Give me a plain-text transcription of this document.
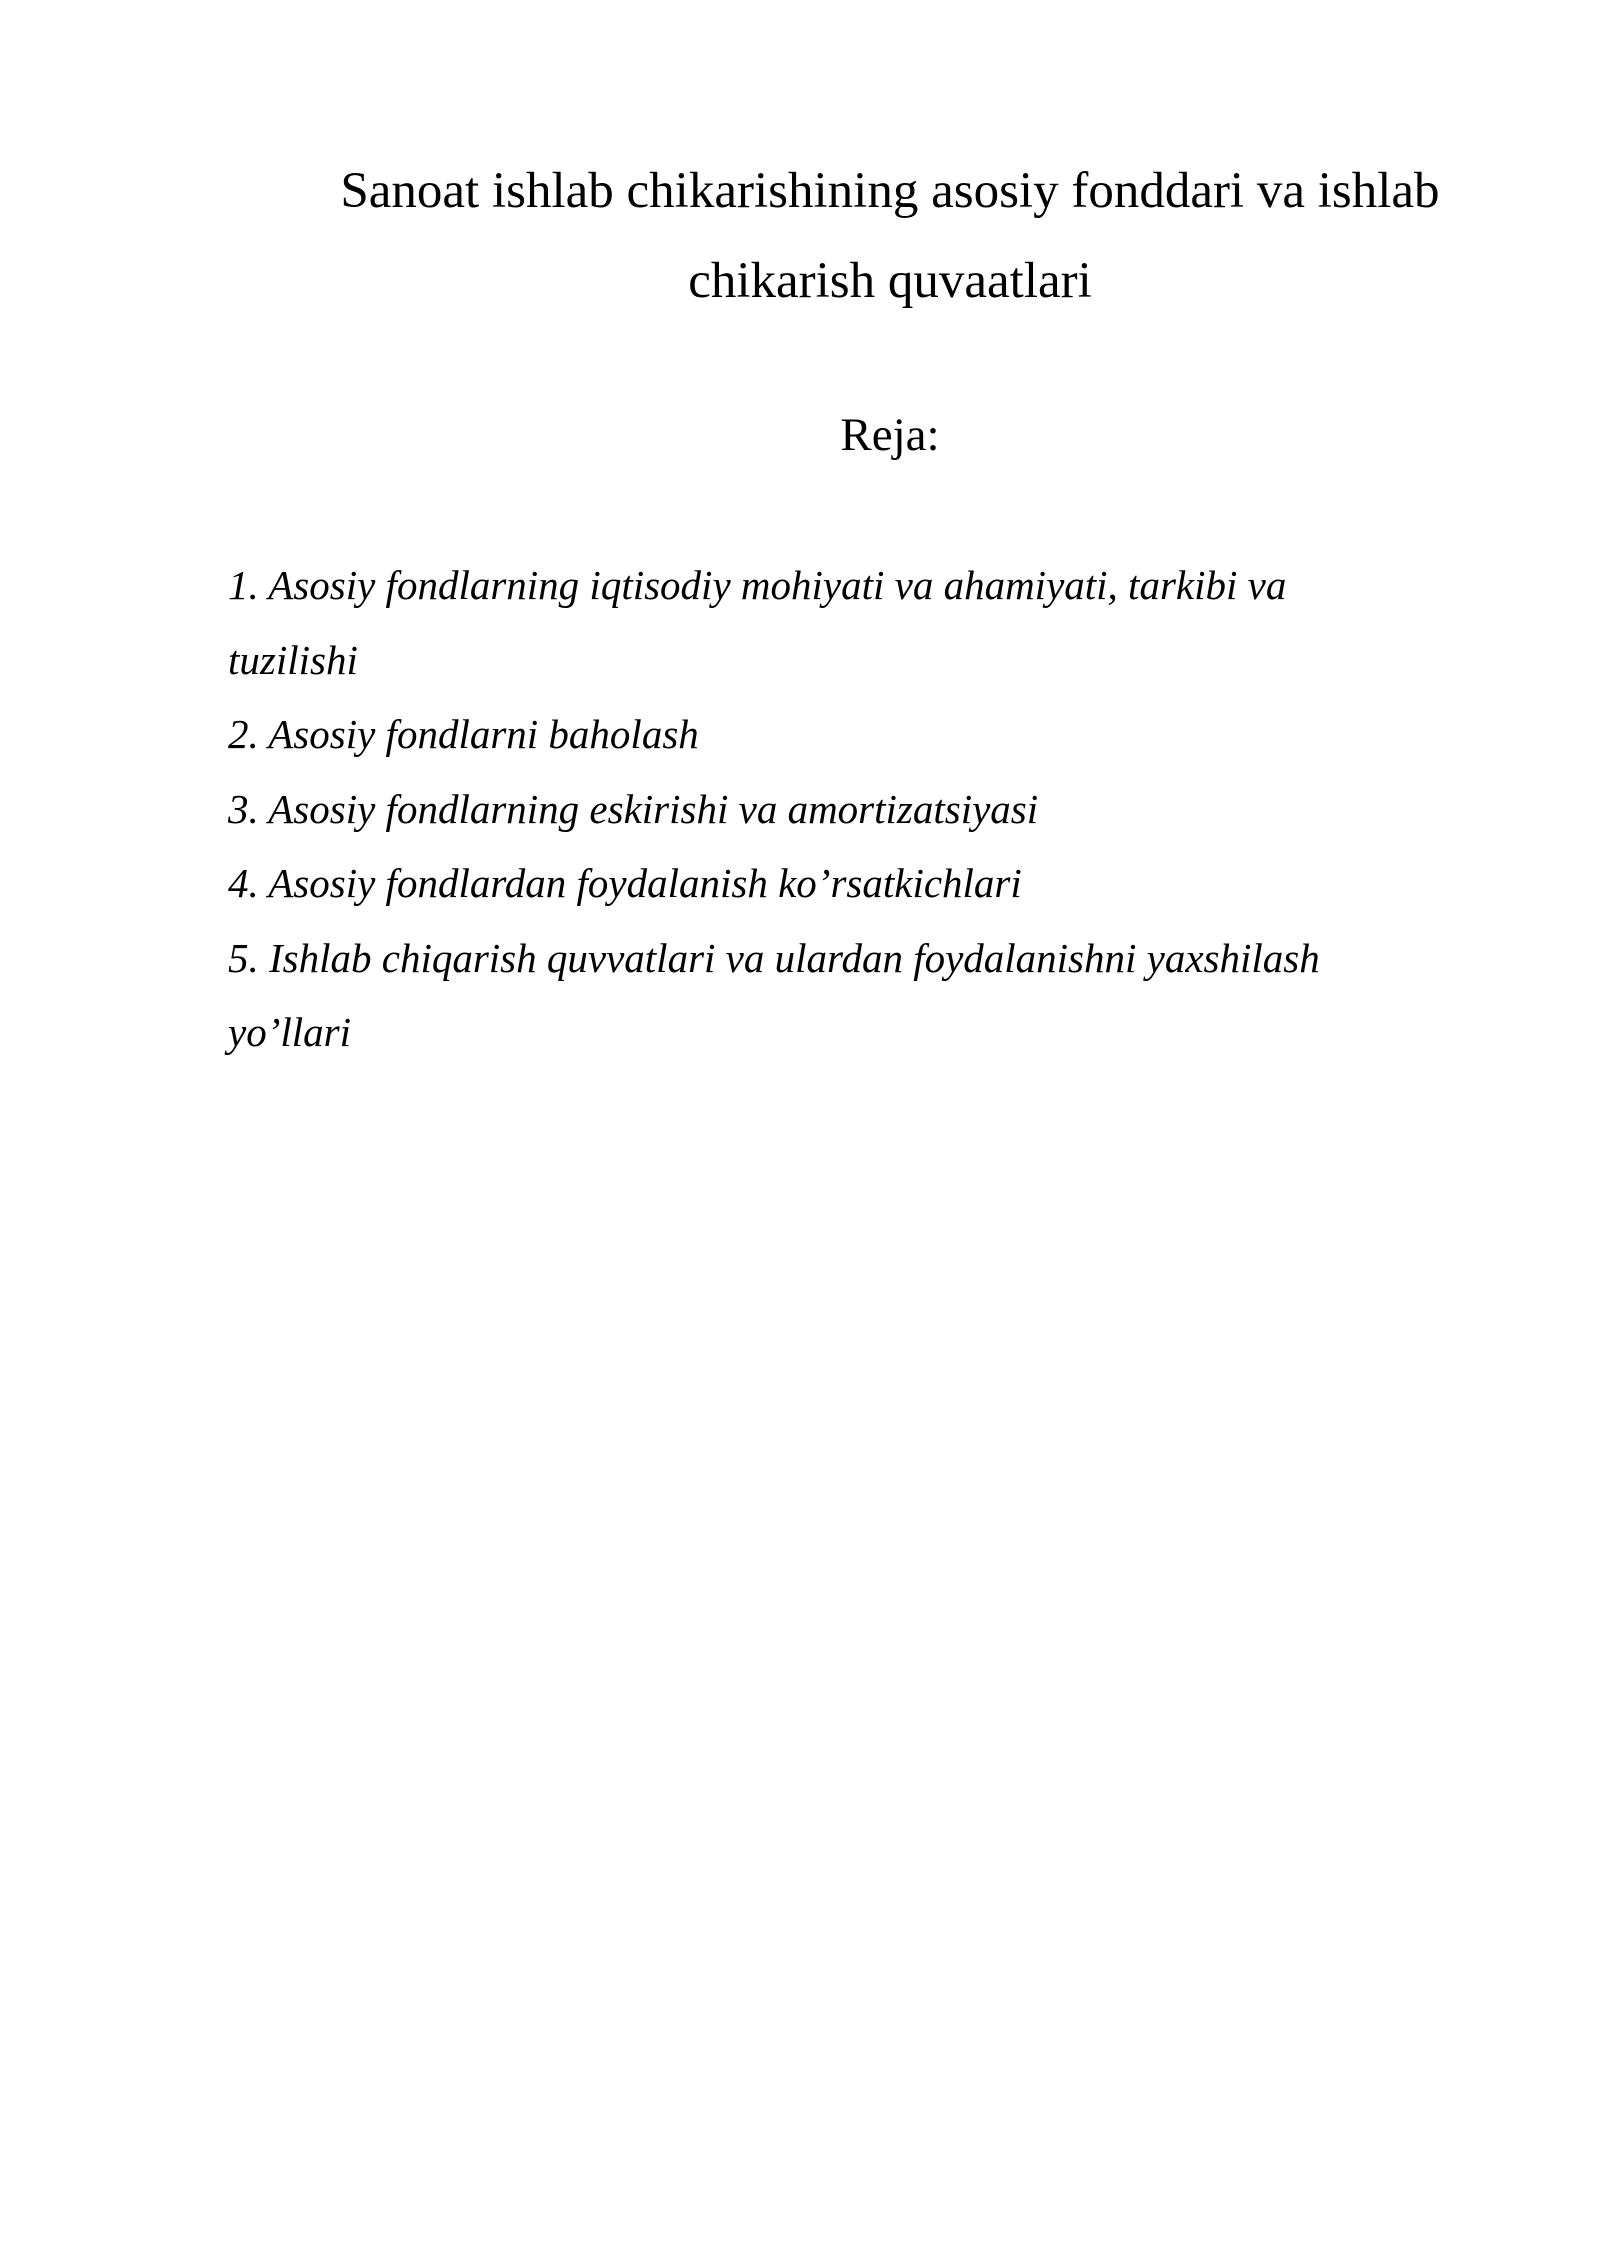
Sanoat ishlab chikarishining asosiy fonddari va ishlab
chikarish quvaatlari

Reja:

1. Asosiy fondlarning iqtisodiy mohiyati va ahamiyati, tarkibi va
tuzilishi
2. Asosiy fondlarni baholash
3. Asosiy fondlarning eskirishi va amortizatsiyasi
4. Asosiy fondlardan foydalanish ko’rsatkichlari
5. Ishlab chiqarish quvvatlari va ulardan foydalanishni yaxshilash
yo’llari
